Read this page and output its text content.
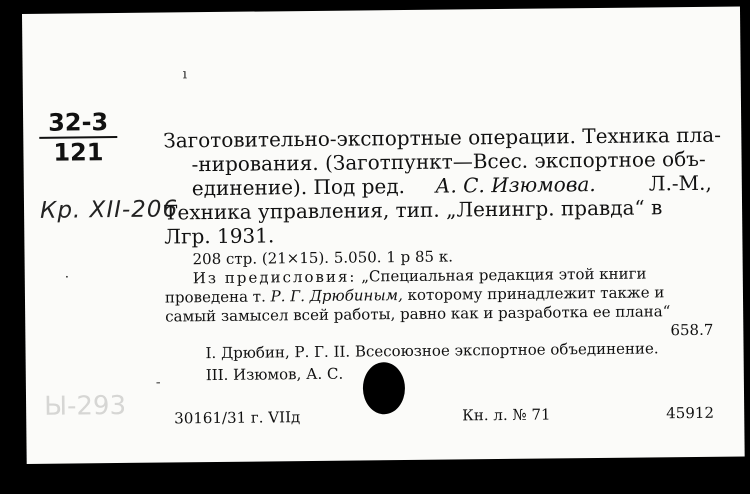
32-3
121
Кр. XII-206
Ы-293
ı
·
-
Заготовительно-экспортные операции. Техника пла-
-нирования. (Заготпункт—Всес. экспортное объ-
единение). Под ред. А. С. Изюмова.	Л.-М.,
Техника управления, тип. „Ленингр. правда“ в
Лгр. 1931.
208 стр. (21×15). 5.050. 1 р 85 к.
Из предисловия: „Специальная редакция этой книги
проведена т. Р. Г. Дрюбиным, которому принадлежит также и
самый замысел всей работы, равно как и разработка ее плана“
658.7
I. Дрюбин, Р. Г. II. Всесоюзное экспортное объединение.
III. Изюмов, А. С.
30161/31 г. VIIд	Кн. л. № 71	45912
